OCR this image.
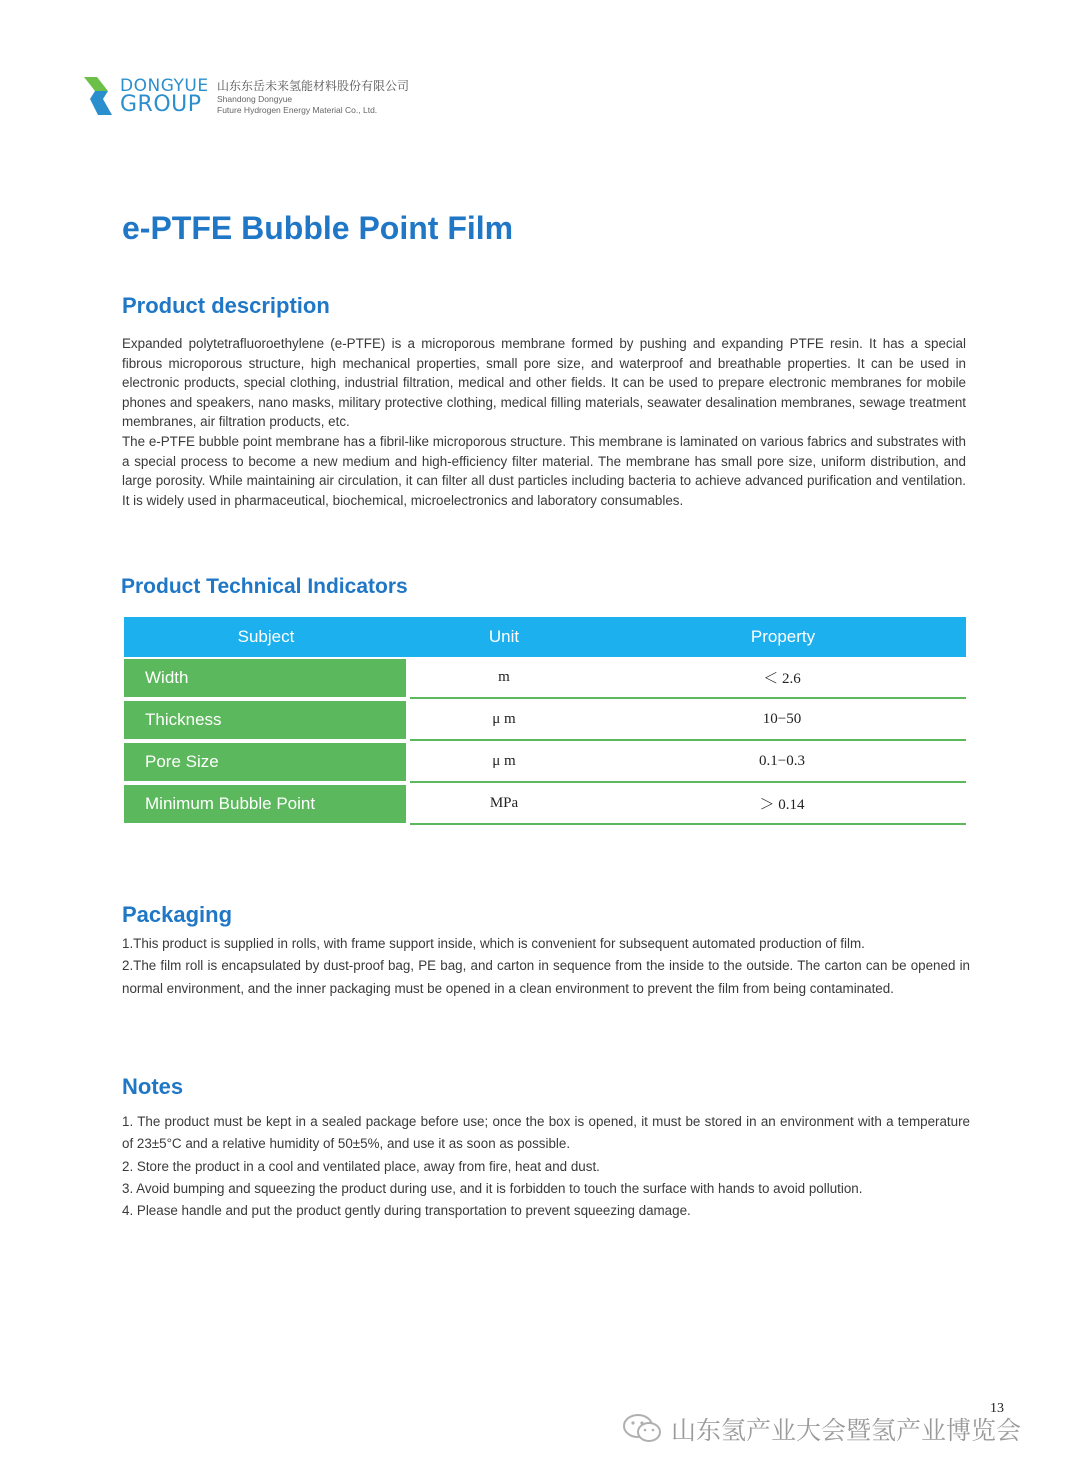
DONGYUE
GROUP
山东东岳未来氢能材料股份有限公司
Shandong Dongyue
Future Hydrogen Energy Material Co., Ltd.
e-PTFE Bubble Point Film
Product description

Expanded polytetrafluoroethylene (e-PTFE) is a microporous membrane formed by pushing and expanding PTFE resin. It has a special fibrous microporous structure, high mechanical properties, small pore size, and waterproof and breathable properties. It can be used in electronic products, special clothing, industrial filtration, medical and other fields. It can be used to prepare electronic membranes for mobile phones and speakers, nano masks, military protective clothing, medical filling materials, seawater desalination membranes, sewage treatment membranes, air filtration products, etc.

The e-PTFE bubble point membrane has a fibril-like microporous structure. This membrane is laminated on various fabrics and substrates with a special process to become a new medium and high-efficiency filter material. The membrane has small pore size, uniform distribution, and large porosity. While maintaining air circulation, it can filter all dust particles including bacteria to achieve advanced purification and ventilation. It is widely used in pharmaceutical, biochemical, microelectronics and laboratory consumables.

Product Technical Indicators
Subject	Unit	Property
Width	m	＜ 2.6
Thickness	μ m	10−50
Pore Size	μ m	0.1−0.3
Minimum Bubble Point	MPa	＞ 0.14
Packaging

1.This product is supplied in rolls, with frame support inside, which is convenient for subsequent automated production of film.

2.The film roll is encapsulated by dust-proof bag, PE bag, and carton in sequence from the inside to the outside. The carton can be opened in normal environment, and the inner packaging must be opened in a clean environment to prevent the film from being contaminated.

Notes

1. The product must be kept in a sealed package before use; once the box is opened, it must be stored in an environment with a temperature of 23±5°C and a relative humidity of 50±5%, and use it as soon as possible.

2. Store the product in a cool and ventilated place, away from fire, heat and dust.

3. Avoid bumping and squeezing the product during use, and it is forbidden to touch the surface with hands to avoid pollution.

4. Please handle and put the product gently during transportation to prevent squeezing damage.

13
山东氢产业大会暨氢产业博览会
